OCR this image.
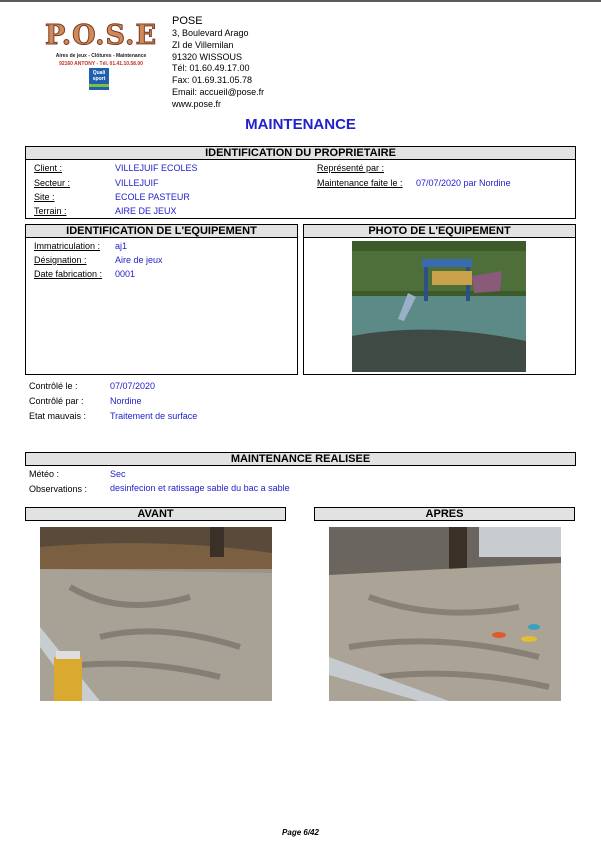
P.O.S.E
Aires de jeux - Clôtures - Maintenance
92160 ANTONY - Tél. 01.41.10.58.00
Quali
sport
POSE
3, Boulevard Arago
ZI de Villemilan
91320 WISSOUS
Tél: 01.60.49.17.00
Fax: 01.69.31.05.78
Email: accueil@pose.fr
www.pose.fr
MAINTENANCE
IDENTIFICATION DU PROPRIETAIRE
Client :	VILLEJUIF ECOLES
Secteur :	VILLEJUIF
Site :	ECOLE PASTEUR
Terrain :	AIRE DE JEUX
Représenté par :
Maintenance faite le : 07/07/2020 par Nordine
IDENTIFICATION DE L'EQUIPEMENT
Immatriculation : aj1
Désignation :	Aire de jeux
Date fabrication : 0001
PHOTO DE L'EQUIPEMENT
Contrôlé le :	07/07/2020
Contrôlé par :	Nordine
Etat mauvais :	Traitement de surface
MAINTENANCE REALISEE
Météo :	Sec
Observations :	desinfecion et ratissage sable du bac a sable
AVANT	APRES
Page 6/42
